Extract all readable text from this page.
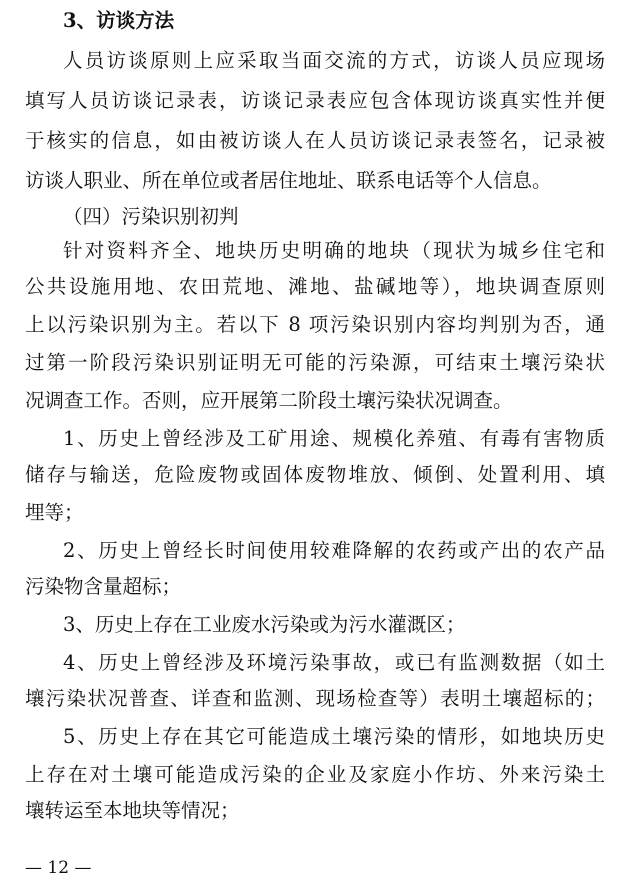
3、访谈方法
人员访谈原则上应采取当面交流的方式，访谈人员应现场
填写人员访谈记录表，访谈记录表应包含体现访谈真实性并便
于核实的信息，如由被访谈人在人员访谈记录表签名，记录被
访谈人职业、所在单位或者居住地址、联系电话等个人信息。
（四）污染识别初判
针对资料齐全、地块历史明确的地块（现状为城乡住宅和
公共设施用地、农田荒地、滩地、盐碱地等），地块调查原则
上以污染识别为主。若以下 8 项污染识别内容均判别为否，通
过第一阶段污染识别证明无可能的污染源，可结束土壤污染状
况调查工作。否则，应开展第二阶段土壤污染状况调查。
1、历史上曾经涉及工矿用途、规模化养殖、有毒有害物质
储存与输送，危险废物或固体废物堆放、倾倒、处置利用、填
埋等；
2、历史上曾经长时间使用较难降解的农药或产出的农产品
污染物含量超标；
3、历史上存在工业废水污染或为污水灌溉区；
4、历史上曾经涉及环境污染事故，或已有监测数据（如土
壤污染状况普查、详查和监测、现场检查等）表明土壤超标的；
5、历史上存在其它可能造成土壤污染的情形，如地块历史
上存在对土壤可能造成污染的企业及家庭小作坊、外来污染土
壤转运至本地块等情况；
— 12 —
